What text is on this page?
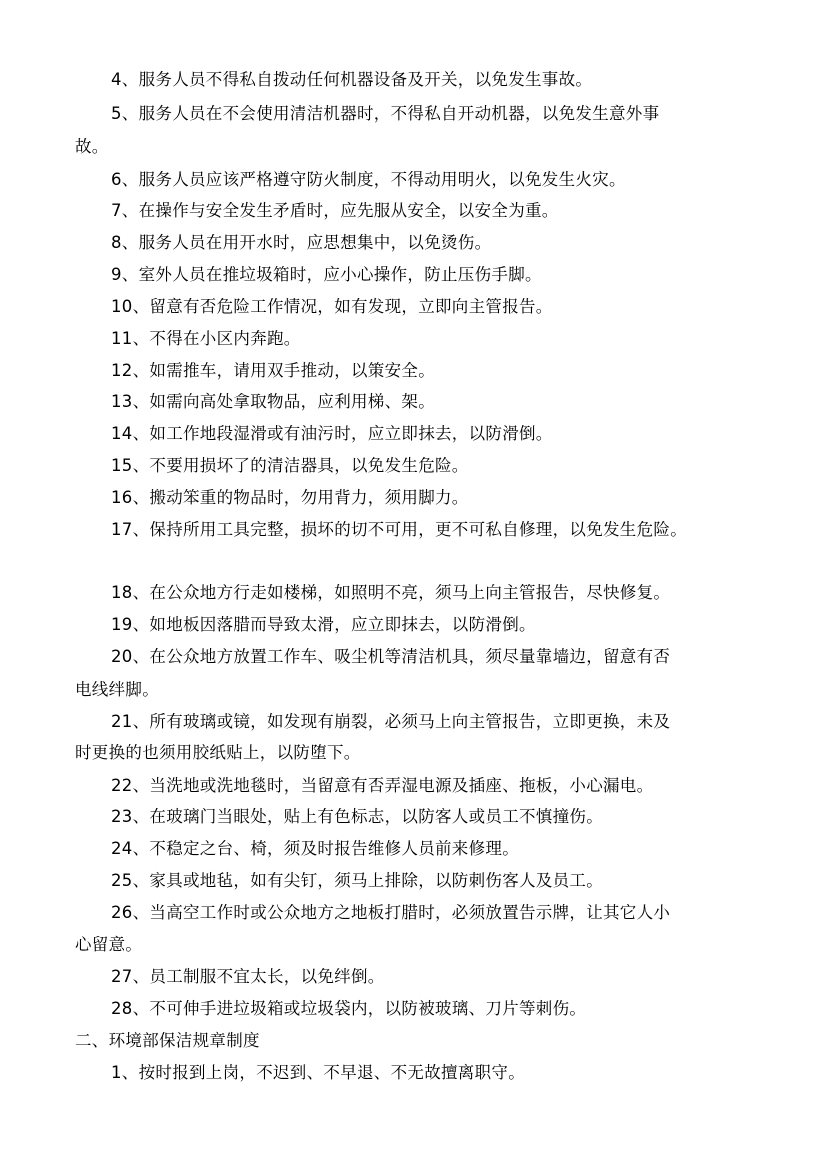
4、服务人员不得私自拨动任何机器设备及开关，以免发生事故。
5、服务人员在不会使用清洁机器时，不得私自开动机器，以免发生意外事
故。
6、服务人员应该严格遵守防火制度，不得动用明火，以免发生火灾。
7、在操作与安全发生矛盾时，应先服从安全，以安全为重。
8、服务人员在用开水时，应思想集中，以免烫伤。
9、室外人员在推垃圾箱时，应小心操作，防止压伤手脚。
10、留意有否危险工作情况，如有发现，立即向主管报告。
11、不得在小区内奔跑。
12、如需推车，请用双手推动，以策安全。
13、如需向高处拿取物品，应利用梯、架。
14、如工作地段湿滑或有油污时，应立即抹去，以防滑倒。
15、不要用损坏了的清洁器具，以免发生危险。
16、搬动笨重的物品时，勿用背力，须用脚力。
17、保持所用工具完整，损坏的切不可用，更不可私自修理，以免发生危险。
18、在公众地方行走如楼梯，如照明不亮，须马上向主管报告，尽快修复。
19、如地板因落腊而导致太滑，应立即抹去，以防滑倒。
20、在公众地方放置工作车、吸尘机等清洁机具，须尽量靠墙边，留意有否
电线绊脚。
21、所有玻璃或镜，如发现有崩裂，必须马上向主管报告，立即更换，未及
时更换的也须用胶纸贴上，以防堕下。
22、当洗地或洗地毯时，当留意有否弄湿电源及插座、拖板，小心漏电。
23、在玻璃门当眼处，贴上有色标志，以防客人或员工不慎撞伤。
24、不稳定之台、椅，须及时报告维修人员前来修理。
25、家具或地毡，如有尖钉，须马上排除，以防刺伤客人及员工。
26、当高空工作时或公众地方之地板打腊时，必须放置告示牌，让其它人小
心留意。
27、员工制服不宜太长，以免绊倒。
28、不可伸手进垃圾箱或垃圾袋内，以防被玻璃、刀片等刺伤。
二、环境部保洁规章制度
1、按时报到上岗，不迟到、不早退、不无故擅离职守。
